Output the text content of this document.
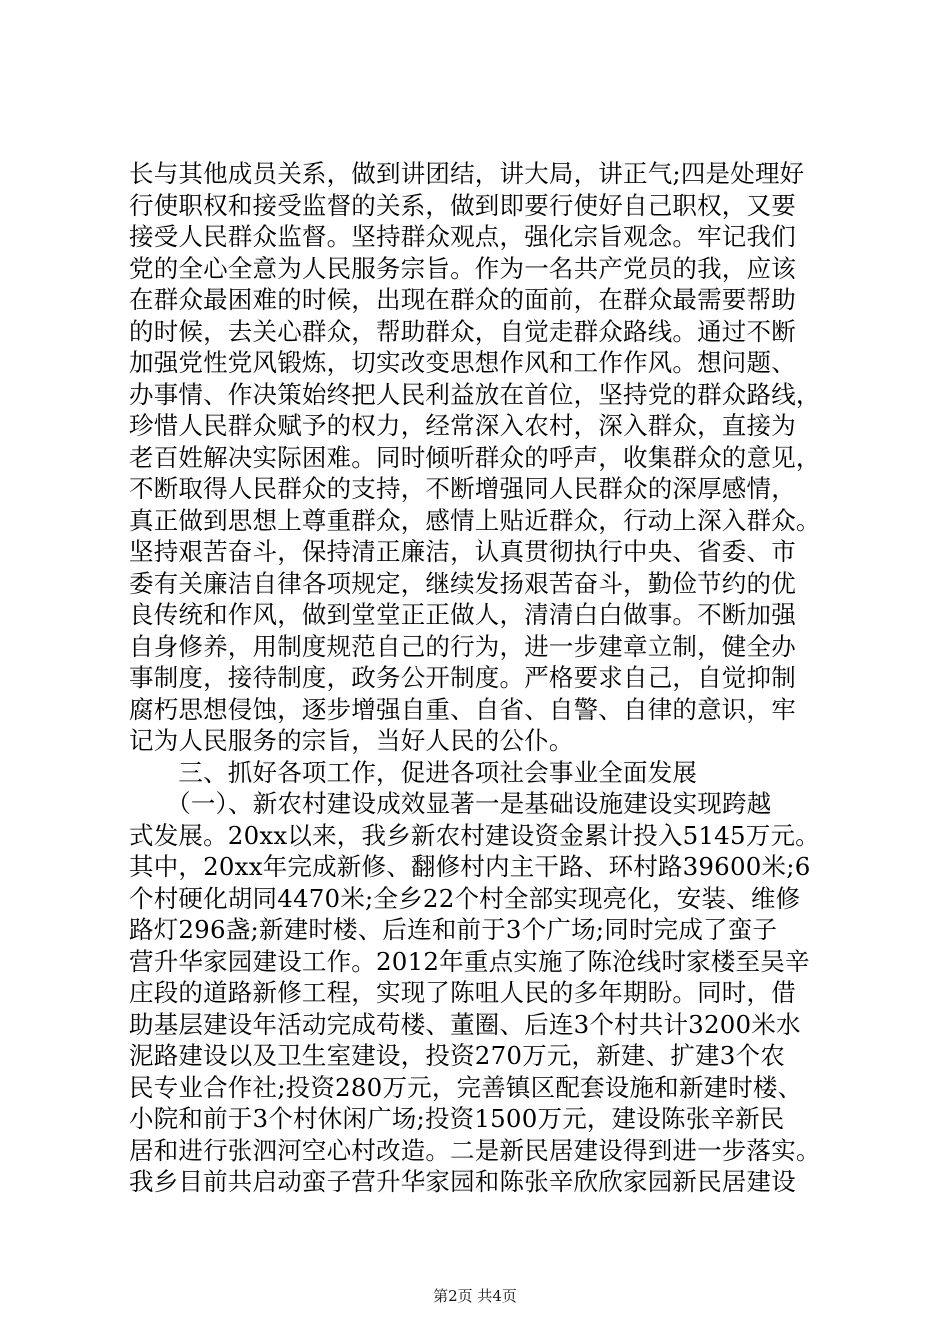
长与其他成员关系，做到讲团结，讲大局，讲正气;四是处理好
行使职权和接受监督的关系，做到即要行使好自己职权，又要
接受人民群众监督。坚持群众观点，强化宗旨观念。牢记我们
党的全心全意为人民服务宗旨。作为一名共产党员的我，应该
在群众最困难的时候，出现在群众的面前，在群众最需要帮助
的时候，去关心群众，帮助群众，自觉走群众路线。通过不断
加强党性党风锻炼，切实改变思想作风和工作作风。想问题、
办事情、作决策始终把人民利益放在首位，坚持党的群众路线，
珍惜人民群众赋予的权力，经常深入农村，深入群众，直接为
老百姓解决实际困难。同时倾听群众的呼声，收集群众的意见，
不断取得人民群众的支持，不断增强同人民群众的深厚感情，
真正做到思想上尊重群众，感情上贴近群众，行动上深入群众。
坚持艰苦奋斗，保持清正廉洁，认真贯彻执行中央、省委、市
委有关廉洁自律各项规定，继续发扬艰苦奋斗，勤俭节约的优
良传统和作风，做到堂堂正正做人，清清白白做事。不断加强
自身修养，用制度规范自己的行为，进一步建章立制，健全办
事制度，接待制度，政务公开制度。严格要求自己，自觉抑制
腐朽思想侵蚀，逐步增强自重、自省、自警、自律的意识，牢
记为人民服务的宗旨，当好人民的公仆。
　　三、抓好各项工作，促进各项社会事业全面发展
　　（一）、新农村建设成效显著一是基础设施建设实现跨越
式发展。20xx以来，我乡新农村建设资金累计投入5145万元。
其中，20xx年完成新修、翻修村内主干路、环村路39600米;6
个村硬化胡同4470米;全乡22个村全部实现亮化，安装、维修
路灯296盏;新建时楼、后连和前于3个广场;同时完成了蛮子
营升华家园建设工作。2012年重点实施了陈沧线时家楼至吴辛
庄段的道路新修工程，实现了陈咀人民的多年期盼。同时，借
助基层建设年活动完成苟楼、董圈、后连3个村共计3200米水
泥路建设以及卫生室建设，投资270万元，新建、扩建3个农
民专业合作社;投资280万元，完善镇区配套设施和新建时楼、
小院和前于3个村休闲广场;投资1500万元，建设陈张辛新民
居和进行张泗河空心村改造。二是新民居建设得到进一步落实。
我乡目前共启动蛮子营升华家园和陈张辛欣欣家园新民居建设
第2页 共4页
